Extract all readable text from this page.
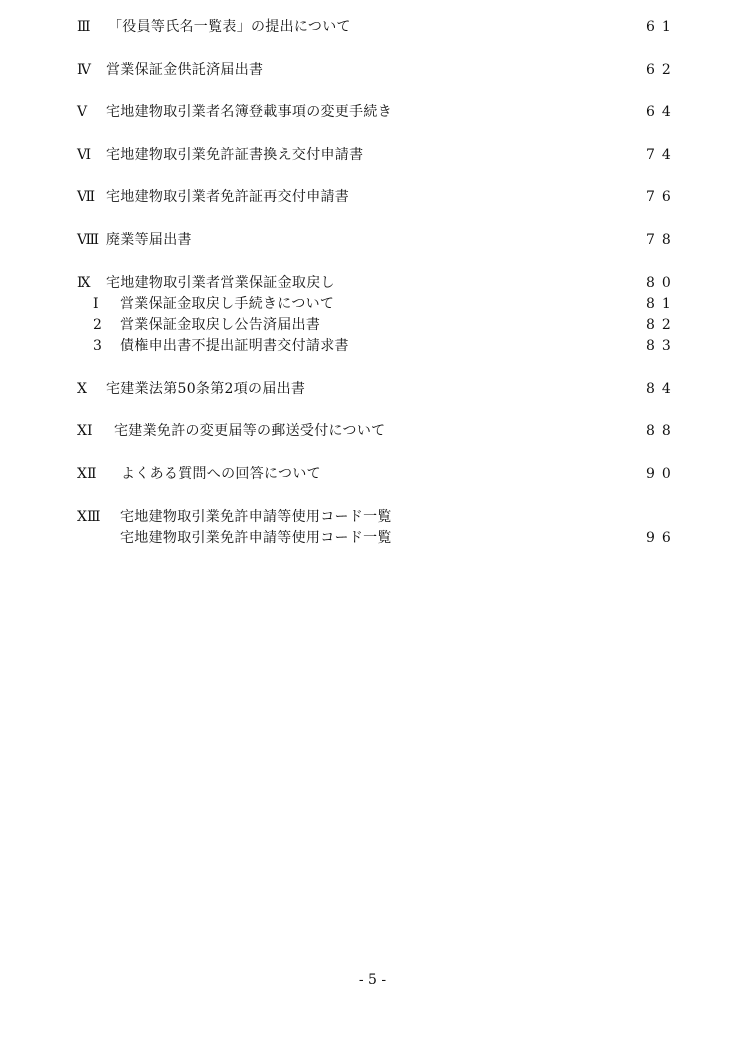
Ⅲ 「役員等氏名一覧表」の提出について	61
Ⅳ 営業保証金供託済届出書	62
Ⅴ 宅地建物取引業者名簿登載事項の変更手続き	64
Ⅵ 宅地建物取引業免許証書換え交付申請書	74
Ⅶ 宅地建物取引業者免許証再交付申請書	76
Ⅷ 廃業等届出書	78
Ⅸ 宅地建物取引業者営業保証金取戻し	80
Ⅰ 営業保証金取戻し手続きについて	81
2 営業保証金取戻し公告済届出書	82
3 債権申出書不提出証明書交付請求書	83
Ⅹ 宅建業法第50条第2項の届出書	84
ⅩⅠ 宅建業免許の変更届等の郵送受付について	88
ⅩⅡ よくある質問への回答について	90
ⅩⅢ 宅地建物取引業免許申請等使用コード一覧
宅地建物取引業免許申請等使用コード一覧	96
- 5 -
